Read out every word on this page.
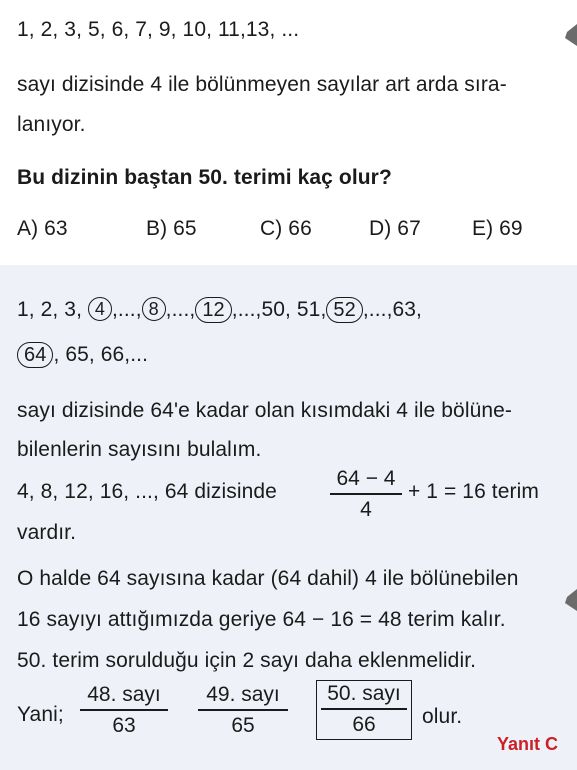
1, 2, 3, 5, 6, 7, 9, 10, 11,13, ...
sayı dizisinde 4 ile bölünmeyen sayılar art arda sıra-
lanıyor.
Bu dizinin baştan 50. terimi kaç olur?
A) 63	B) 65	C) 66	D) 67 E) 69
1, 2, 3, 4 ,..., 8 ,..., 12 ,...,50, 51, 52 ,...,63,
64 , 65, 66,...
sayı dizisinde 64'e kadar olan kısımdaki 4 ile bölüne-
bilenlerin sayısını bulalım.
4, 8, 12, 16, ..., 64 dizisinde
64 − 4
4
+ 1 = 16 terim
vardır.
O halde 64 sayısına kadar (64 dahil) 4 ile bölünebilen
16 sayıyı attığımızda geriye 64 − 16 = 48 terim kalır.
50. terim sorulduğu için 2 sayı daha eklenmelidir.
Yani;
48. sayı
63
49. sayı
65
50. sayı
66	olur.
Yanıt C
